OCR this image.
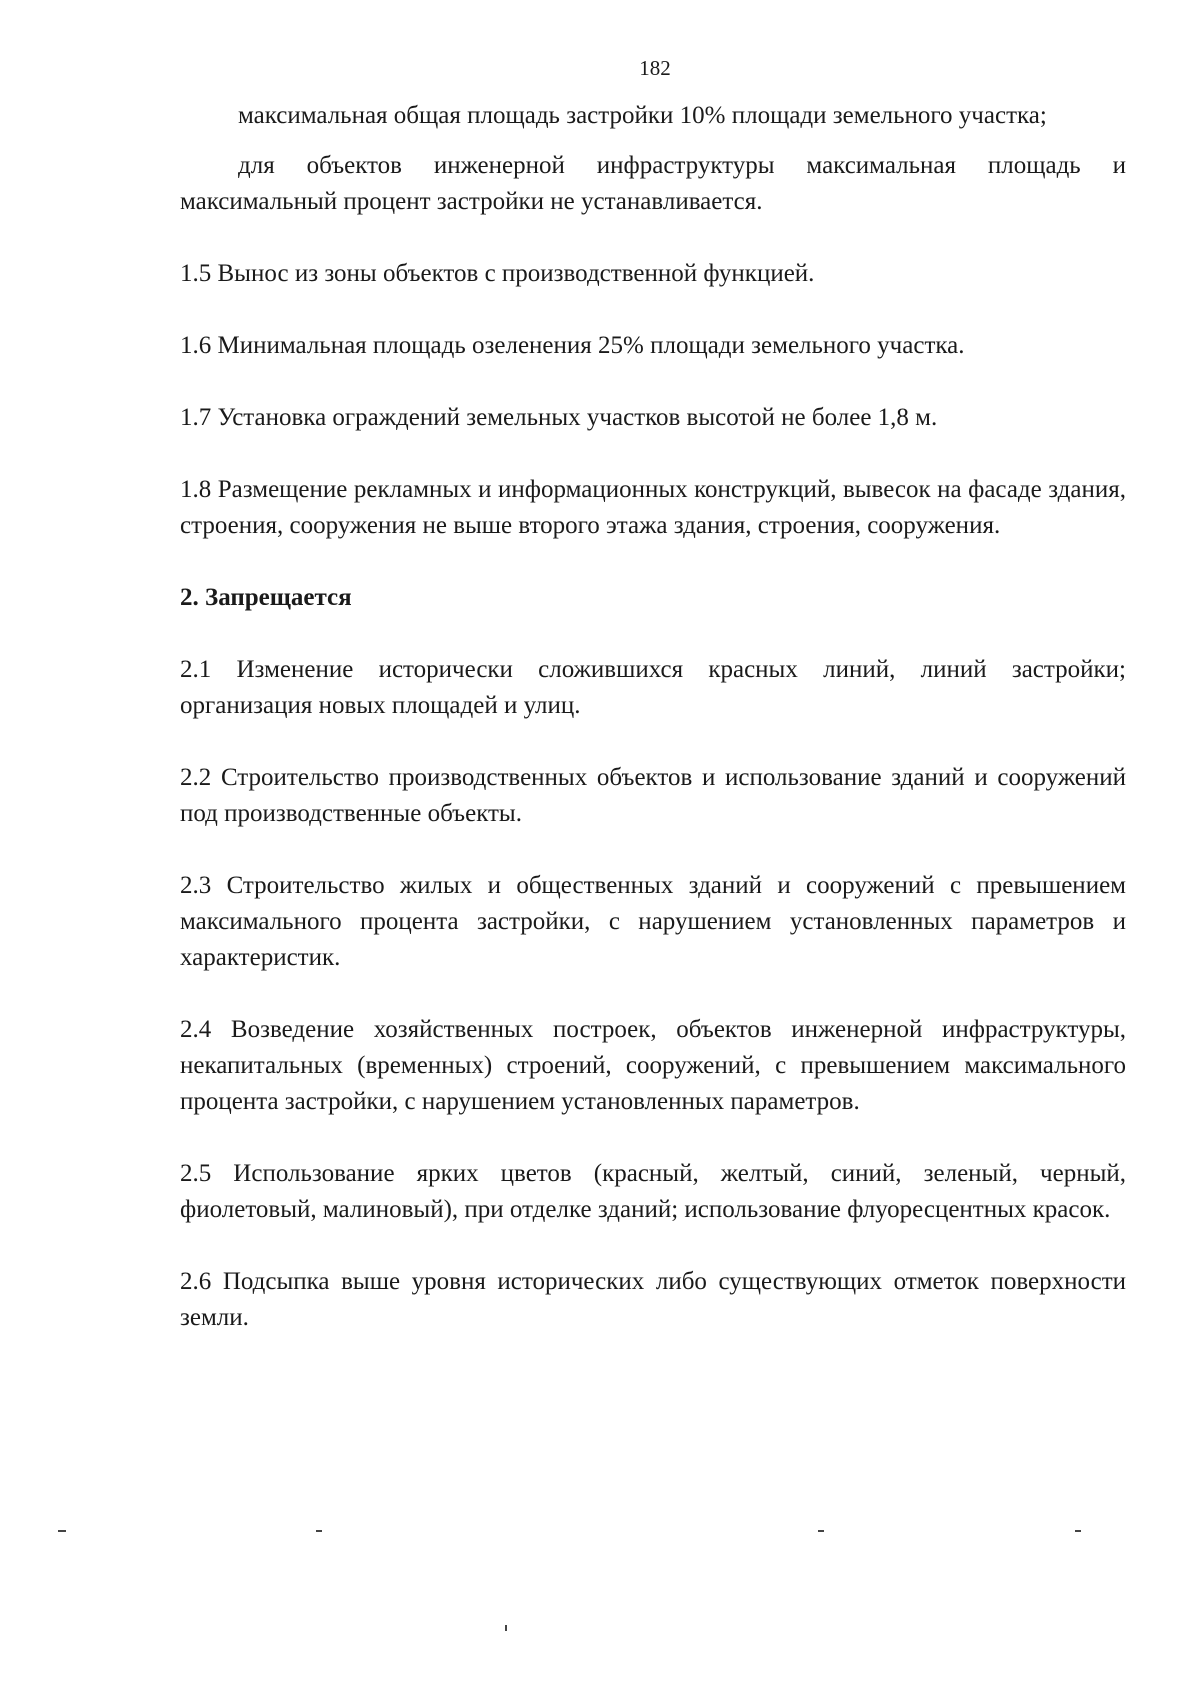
182

максимальная общая площадь застройки 10% площади земельного участка;

для объектов инженерной инфраструктуры максимальная площадь и максимальный процент застройки не устанавливается.

1.5 Вынос из зоны объектов с производственной функцией.

1.6 Минимальная площадь озеленения 25% площади земельного участка.

1.7 Установка ограждений земельных участков высотой не более 1,8 м.

1.8 Размещение рекламных и информационных конструкций, вывесок на фасаде здания, строения, сооружения не выше второго этажа здания, строения, сооружения.

2. Запрещается

2.1 Изменение исторически сложившихся красных линий, линий застройки; организация новых площадей и улиц.

2.2 Строительство производственных объектов и использование зданий и сооружений под производственные объекты.

2.3 Строительство жилых и общественных зданий и сооружений с превышением максимального процента застройки, с нарушением установленных параметров и характеристик.

2.4 Возведение хозяйственных построек, объектов инженерной инфраструктуры, некапитальных (временных) строений, сооружений, с превышением максимального процента застройки, с нарушением установленных параметров.

2.5 Использование ярких цветов (красный, желтый, синий, зеленый, черный, фиолетовый, малиновый), при отделке зданий; использование флуоресцентных красок.

2.6 Подсыпка выше уровня исторических либо существующих отметок поверхности земли.
